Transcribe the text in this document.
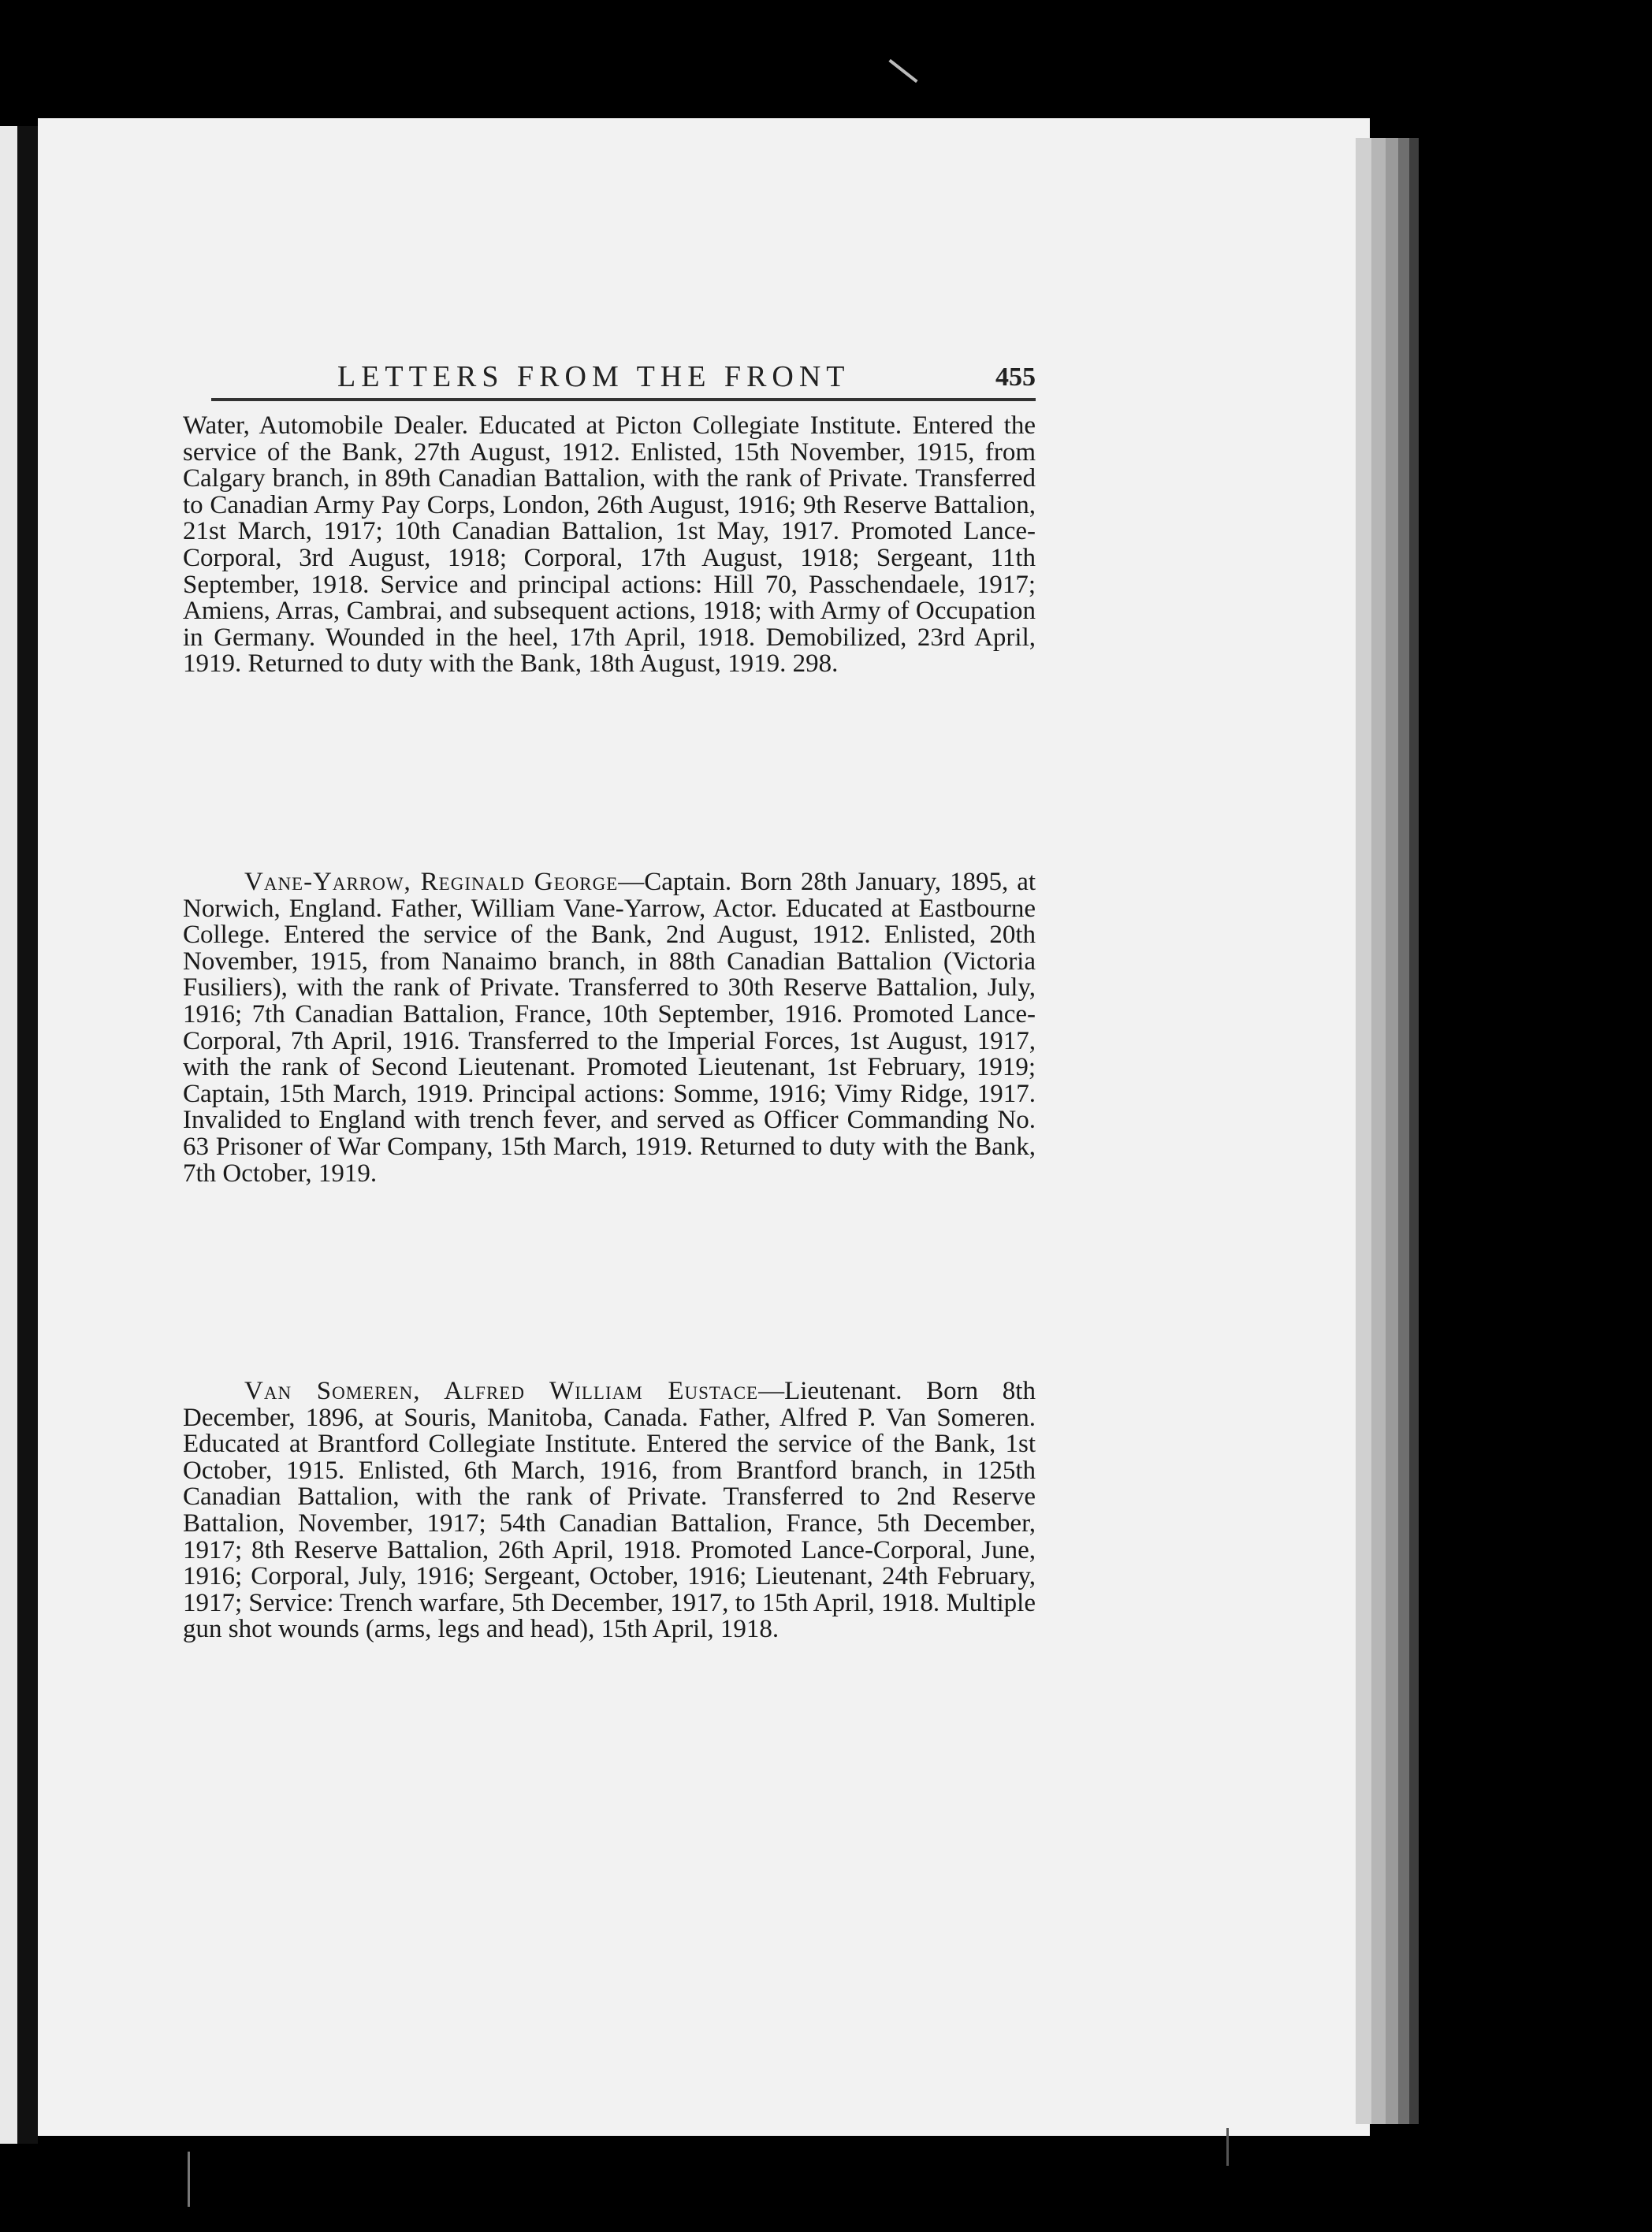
LETTERS FROM THE FRONT	455

Water, Automobile Dealer. Educated at Picton Collegiate Institute. Entered the service of the Bank, 27th August, 1912. Enlisted, 15th November, 1915, from Calgary branch, in 89th Canadian Battalion, with the rank of Private. Transferred to Canadian Army Pay Corps, London, 26th August, 1916; 9th Reserve Battalion, 21st March, 1917; 10th Canadian Battalion, 1st May, 1917. Promoted Lance-Corporal, 3rd August, 1918; Corporal, 17th August, 1918; Sergeant, 11th September, 1918. Service and principal actions: Hill 70, Passchendaele, 1917; Amiens, Arras, Cambrai, and subsequent actions, 1918; with Army of Occupation in Germany. Wounded in the heel, 17th April, 1918. Demobilized, 23rd April, 1919. Returned to duty with the Bank, 18th August, 1919. 298.

Vane-Yarrow, Reginald George—Captain. Born 28th January, 1895, at Norwich, England. Father, William Vane-Yarrow, Actor. Educated at Eastbourne College. Entered the service of the Bank, 2nd August, 1912. Enlisted, 20th November, 1915, from Nanaimo branch, in 88th Canadian Battalion (Victoria Fusiliers), with the rank of Private. Transferred to 30th Reserve Battalion, July, 1916; 7th Canadian Battalion, France, 10th September, 1916. Promoted Lance-Corporal, 7th April, 1916. Transferred to the Imperial Forces, 1st August, 1917, with the rank of Second Lieutenant. Promoted Lieutenant, 1st February, 1919; Captain, 15th March, 1919. Principal actions: Somme, 1916; Vimy Ridge, 1917. Invalided to England with trench fever, and served as Officer Commanding No. 63 Prisoner of War Company, 15th March, 1919. Returned to duty with the Bank, 7th October, 1919.

Van Someren, Alfred William Eustace—Lieutenant. Born 8th December, 1896, at Souris, Manitoba, Canada. Father, Alfred P. Van Someren. Educated at Brantford Collegiate Institute. Entered the service of the Bank, 1st October, 1915. Enlisted, 6th March, 1916, from Brantford branch, in 125th Canadian Battalion, with the rank of Private. Transferred to 2nd Reserve Battalion, November, 1917; 54th Canadian Battalion, France, 5th December, 1917; 8th Reserve Battalion, 26th April, 1918. Promoted Lance-Corporal, June, 1916; Corporal, July, 1916; Sergeant, October, 1916; Lieutenant, 24th February, 1917; Service: Trench warfare, 5th December, 1917, to 15th April, 1918. Multiple gun shot wounds (arms, legs and head), 15th April, 1918.
